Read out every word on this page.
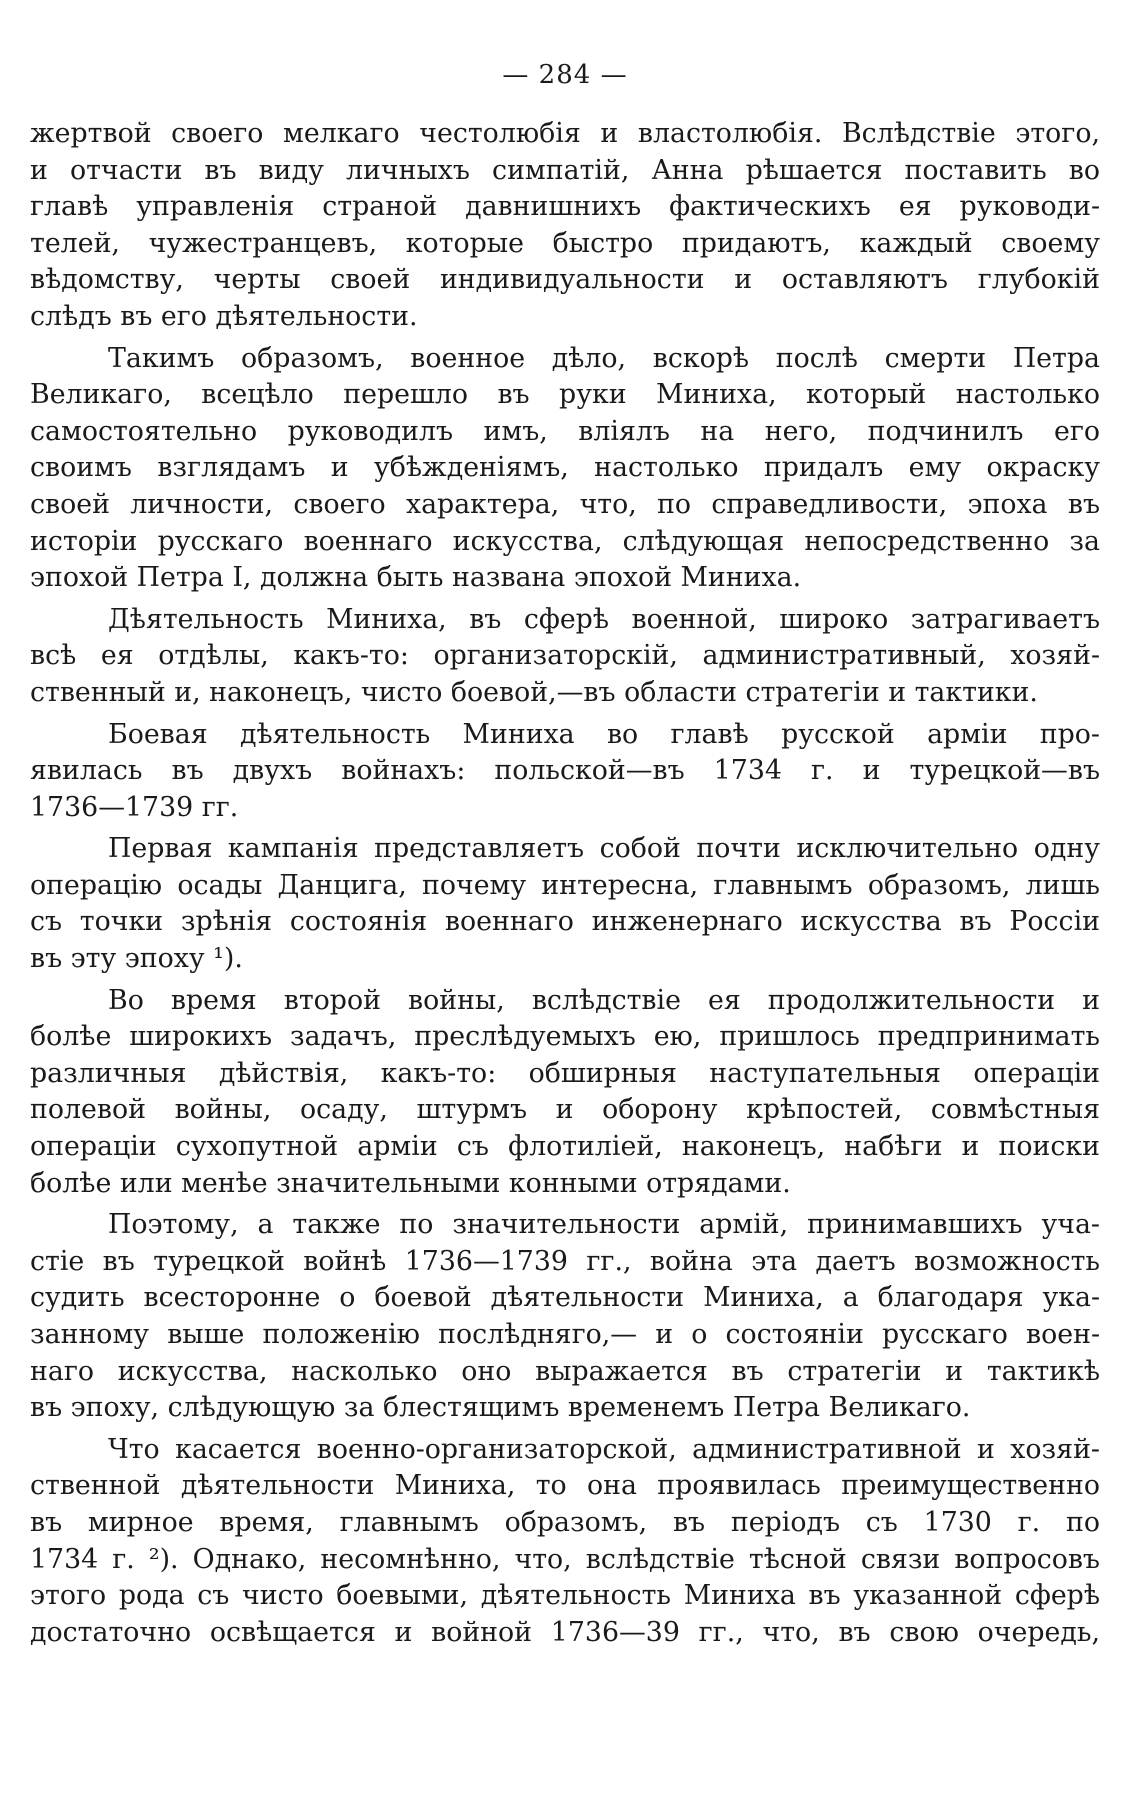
— 284 —
жертвой своего мелкаго честолюбія и властолюбія. Вслѣдствіе этого,
и отчасти въ виду личныхъ симпатій, Анна рѣшается поставить во
главѣ управленія страной давнишнихъ фактическихъ ея руководи-
телей, чужестранцевъ, которые быстро придаютъ, каждый своему
вѣдомству, черты своей индивидуальности и оставляютъ глубокій
слѣдъ въ его дѣятельности.
Такимъ образомъ, военное дѣло, вскорѣ послѣ смерти Петра
Великаго, всецѣло перешло въ руки Миниха, который настолько
самостоятельно руководилъ имъ, вліялъ на него, подчинилъ его
своимъ взглядамъ и убѣжденіямъ, настолько придалъ ему окраску
своей личности, своего характера, что, по справедливости, эпоха въ
исторіи русскаго военнаго искусства, слѣдующая непосредственно за
эпохой Петра I, должна быть названа эпохой Миниха.
Дѣятельность Миниха, въ сферѣ военной, широко затрагиваетъ
всѣ ея отдѣлы, какъ-то: организаторскій, административный, хозяй-
ственный и, наконецъ, чисто боевой,—въ области стратегіи и тактики.
Боевая дѣятельность Миниха во главѣ русской арміи про-
явилась въ двухъ войнахъ: польской—въ 1734 г. и турецкой—въ
1736—1739 гг.
Первая кампанія представляетъ собой почти исключительно одну
операцію осады Данцига, почему интересна, главнымъ образомъ, лишь
съ точки зрѣнія состоянія военнаго инженернаго искусства въ Россіи
въ эту эпоху ¹).
Во время второй войны, вслѣдствіе ея продолжительности и
болѣе широкихъ задачъ, преслѣдуемыхъ ею, пришлось предпринимать
различныя дѣйствія, какъ-то: обширныя наступательныя операціи
полевой войны, осаду, штурмъ и оборону крѣпостей, совмѣстныя
операціи сухопутной арміи съ флотиліей, наконецъ, набѣги и поиски
болѣе или менѣе значительными конными отрядами.
Поэтому, а также по значительности армій, принимавшихъ уча-
стіе въ турецкой войнѣ 1736—1739 гг., война эта даетъ возможность
судить всесторонне о боевой дѣятельности Миниха, а благодаря ука-
занному выше положенію послѣдняго,— и о состояніи русскаго воен-
наго искусства, насколько оно выражается въ стратегіи и тактикѣ
въ эпоху, слѣдующую за блестящимъ временемъ Петра Великаго.
Что касается военно-организаторской, административной и хозяй-
ственной дѣятельности Миниха, то она проявилась преимущественно
въ мирное время, главнымъ образомъ, въ періодъ съ 1730 г. по
1734 г. ²). Однако, несомнѣнно, что, вслѣдствіе тѣсной связи вопросовъ
этого рода съ чисто боевыми, дѣятельность Миниха въ указанной сферѣ
достаточно освѣщается и войной 1736—39 гг., что, въ свою очередь,
